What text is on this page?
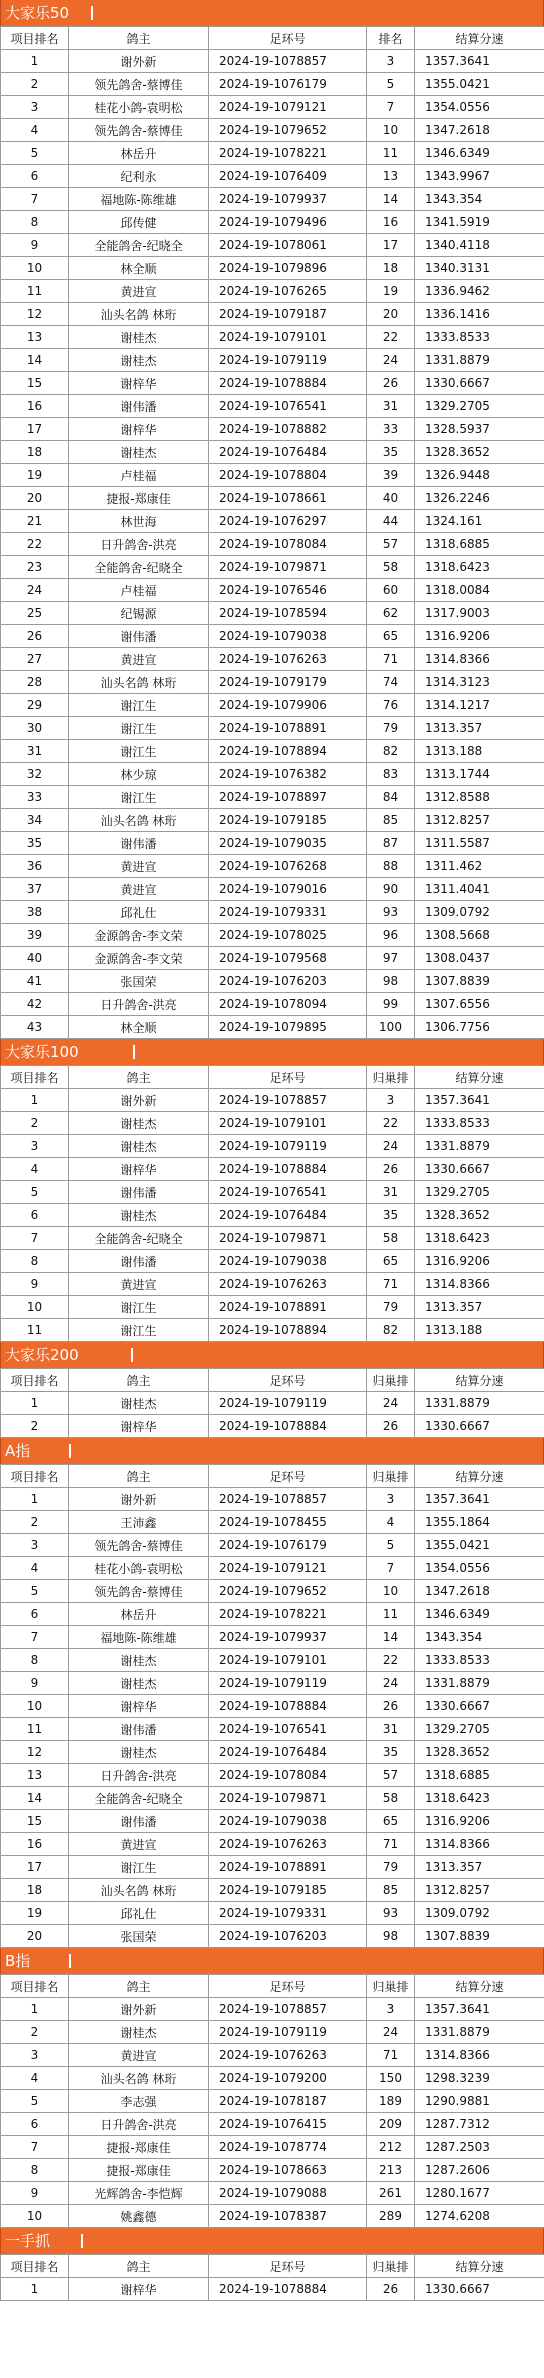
大家乐50
项目排名	鸽主	足环号	排名	结算分速
1	谢外新	2024-19-1078857	3	1357.3641
2	领先鸽舍-蔡博佳	2024-19-1076179	5	1355.0421
3	桂花小鸽-袁明松	2024-19-1079121	7	1354.0556
4	领先鸽舍-蔡博佳	2024-19-1079652	10	1347.2618
5	林岳升	2024-19-1078221	11	1346.6349
6	纪利永	2024-19-1076409	13	1343.9967
7	福地陈-陈维雄	2024-19-1079937	14	1343.354
8	邱传健	2024-19-1079496	16	1341.5919
9	全能鸽舍-纪晓全	2024-19-1078061	17	1340.4118
10	林全顺	2024-19-1079896	18	1340.3131
11	黄进宣	2024-19-1076265	19	1336.9462
12	汕头名鸽 林珩	2024-19-1079187	20	1336.1416
13	谢桂杰	2024-19-1079101	22	1333.8533
14	谢桂杰	2024-19-1079119	24	1331.8879
15	谢梓华	2024-19-1078884	26	1330.6667
16	谢伟潘	2024-19-1076541	31	1329.2705
17	谢梓华	2024-19-1078882	33	1328.5937
18	谢桂杰	2024-19-1076484	35	1328.3652
19	卢桂福	2024-19-1078804	39	1326.9448
20	捷报-郑康佳	2024-19-1078661	40	1326.2246
21	林世海	2024-19-1076297	44	1324.161
22	日升鸽舍-洪亮	2024-19-1078084	57	1318.6885
23	全能鸽舍-纪晓全	2024-19-1079871	58	1318.6423
24	卢桂福	2024-19-1076546	60	1318.0084
25	纪锡源	2024-19-1078594	62	1317.9003
26	谢伟潘	2024-19-1079038	65	1316.9206
27	黄进宣	2024-19-1076263	71	1314.8366
28	汕头名鸽 林珩	2024-19-1079179	74	1314.3123
29	谢江生	2024-19-1079906	76	1314.1217
30	谢江生	2024-19-1078891	79	1313.357
31	谢江生	2024-19-1078894	82	1313.188
32	林少琼	2024-19-1076382	83	1313.1744
33	谢江生	2024-19-1078897	84	1312.8588
34	汕头名鸽 林珩	2024-19-1079185	85	1312.8257
35	谢伟潘	2024-19-1079035	87	1311.5587
36	黄进宣	2024-19-1076268	88	1311.462
37	黄进宣	2024-19-1079016	90	1311.4041
38	邱礼仕	2024-19-1079331	93	1309.0792
39	金源鸽舍-李文荣	2024-19-1078025	96	1308.5668
40	金源鸽舍-李文荣	2024-19-1079568	97	1308.0437
41	张国荣	2024-19-1076203	98	1307.8839
42	日升鸽舍-洪亮	2024-19-1078094	99	1307.6556
43	林全顺	2024-19-1079895	100	1306.7756
大家乐100
项目排名	鸽主	足环号	归巢排	结算分速
1	谢外新	2024-19-1078857	3	1357.3641
2	谢桂杰	2024-19-1079101	22	1333.8533
3	谢桂杰	2024-19-1079119	24	1331.8879
4	谢梓华	2024-19-1078884	26	1330.6667
5	谢伟潘	2024-19-1076541	31	1329.2705
6	谢桂杰	2024-19-1076484	35	1328.3652
7	全能鸽舍-纪晓全	2024-19-1079871	58	1318.6423
8	谢伟潘	2024-19-1079038	65	1316.9206
9	黄进宣	2024-19-1076263	71	1314.8366
10	谢江生	2024-19-1078891	79	1313.357
11	谢江生	2024-19-1078894	82	1313.188
大家乐200
项目排名	鸽主	足环号	归巢排	结算分速
1	谢桂杰	2024-19-1079119	24	1331.8879
2	谢梓华	2024-19-1078884	26	1330.6667
A指
项目排名	鸽主	足环号	归巢排	结算分速
1	谢外新	2024-19-1078857	3	1357.3641
2	王沛鑫	2024-19-1078455	4	1355.1864
3	领先鸽舍-蔡博佳	2024-19-1076179	5	1355.0421
4	桂花小鸽-袁明松	2024-19-1079121	7	1354.0556
5	领先鸽舍-蔡博佳	2024-19-1079652	10	1347.2618
6	林岳升	2024-19-1078221	11	1346.6349
7	福地陈-陈维雄	2024-19-1079937	14	1343.354
8	谢桂杰	2024-19-1079101	22	1333.8533
9	谢桂杰	2024-19-1079119	24	1331.8879
10	谢梓华	2024-19-1078884	26	1330.6667
11	谢伟潘	2024-19-1076541	31	1329.2705
12	谢桂杰	2024-19-1076484	35	1328.3652
13	日升鸽舍-洪亮	2024-19-1078084	57	1318.6885
14	全能鸽舍-纪晓全	2024-19-1079871	58	1318.6423
15	谢伟潘	2024-19-1079038	65	1316.9206
16	黄进宣	2024-19-1076263	71	1314.8366
17	谢江生	2024-19-1078891	79	1313.357
18	汕头名鸽 林珩	2024-19-1079185	85	1312.8257
19	邱礼仕	2024-19-1079331	93	1309.0792
20	张国荣	2024-19-1076203	98	1307.8839
B指
项目排名	鸽主	足环号	归巢排	结算分速
1	谢外新	2024-19-1078857	3	1357.3641
2	谢桂杰	2024-19-1079119	24	1331.8879
3	黄进宣	2024-19-1076263	71	1314.8366
4	汕头名鸽 林珩	2024-19-1079200	150	1298.3239
5	李志强	2024-19-1078187	189	1290.9881
6	日升鸽舍-洪亮	2024-19-1076415	209	1287.7312
7	捷报-郑康佳	2024-19-1078774	212	1287.2503
8	捷报-郑康佳	2024-19-1078663	213	1287.2606
9	光辉鸽舍-李恺辉	2024-19-1079088	261	1280.1677
10	姚鑫德	2024-19-1078387	289	1274.6208
一手抓
项目排名	鸽主	足环号	归巢排	结算分速
1	谢梓华	2024-19-1078884	26	1330.6667
